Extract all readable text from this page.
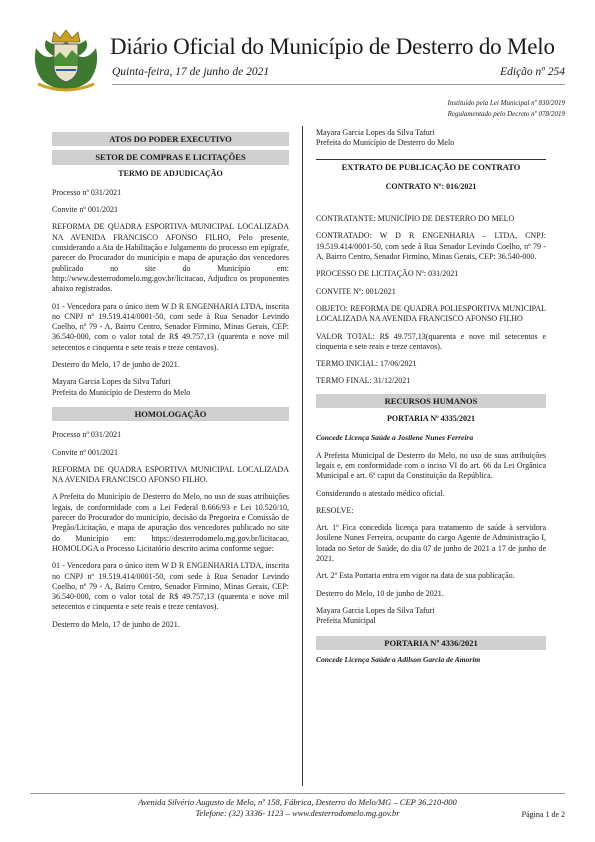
Diário Oficial do Município de Desterro do Melo
Quinta-feira, 17 de junho de 2021	Edição nº 254
Instituído pela Lei Municipal nº 830/2019
Regulamentado pelo Decreto nº 078/2019
ATOS DO PODER EXECUTIVO
SETOR DE COMPRAS E LICITAÇÕES
TERMO DE ADJUDICAÇÃO

Processo nº 031/2021

Convite nº 001/2021

REFORMA DE QUADRA ESPORTIVA MUNICIPAL LOCALIZADA NA AVENIDA FRANCISCO AFONSO FILHO, Pelo presente, considerando a Ata de Habilitação e Julgamento do processo em epígrafe, parecer do Procurador do município e mapa de apuração dos vencedores publicado no site do Município em: http://www.desterrodomelo.mg.gov.br/licitacao, Adjudico os proponentes abaixo registrados.

01 - Vencedora para o único item W D R ENGENHARIA LTDA, inscrita no CNPJ nº 19.519.414/0001-50, com sede à Rua Senador Levindo Coelho, nº 79 - A, Bairro Centro, Senador Firmino, Minas Gerais, CEP: 36.540-000, com o valor total de R$ 49.757,13 (quarenta e nove mil setecentos e cinquenta e sete reais e treze centavos).

Desterro do Melo, 17 de junho de 2021.

Mayara Garcia Lopes da Silva Tafuri
Prefeita do Município de Desterro do Melo
HOMOLOGAÇÃO

Processo nº 031/2021

Convite nº 001/2021

REFORMA DE QUADRA ESPORTIVA MUNICIPAL LOCALIZADA NA AVENIDA FRANCISCO AFONSO FILHO.

A Prefeita do Município de Desterro do Melo, no uso de suas atribuições legais, de conformidade com a Lei Federal 8.666/93 e Lei 10.520/10, parecer do Procurador do município, decisão da Pregoeira e Comissão de Pregão/Licitação, e mapa de apuração dos vencedores publicado no site do Município em: https://desterrodomelo.mg.gov.br/licitacao, HOMOLOGA o Processo Licitatório descrito acima conforme segue:

01 - Vencedora para o único item W D R ENGENHARIA LTDA, inscrita no CNPJ nº 19.519.414/0001-50, com sede à Rua Senador Levindo Coelho, nº 79 - A, Bairro Centro, Senador Firmino, Minas Gerais, CEP: 36.540-000, com o valor total de R$ 49.757,13 (quarenta e nove mil setecentos e cinquenta e sete reais e treze centavos).

Desterro do Melo, 17 de junho de 2021.

Mayara Garcia Lopes da Silva Tafuri
Prefeita do Município de Desterro do Melo
EXTRATO DE PUBLICAÇÃO DE CONTRATO
CONTRATO Nº: 016/2021

CONTRATANTE: MUNICÍPIO DE DESTERRO DO MELO

CONTRATADO: W D R ENGENHARIA – LTDA, CNPJ: 19.519.414/0001-50, com sede à Rua Senador Levindo Coelho, nº 79 - A, Bairro Centro, Senador Firmino, Minas Gerais, CEP: 36.540-000.

PROCESSO DE LICITAÇÃO Nº: 031/2021

CONVITE Nº: 001/2021

OBJETO: REFORMA DE QUADRA POLIESPORTIVA MUNICIPAL LOCALIZADA NA AVENIDA FRANCISCO AFONSO FILHO

VALOR TOTAL: R$ 49.757,13(quarenta e nove mil setecentos e cinquenta e sete reais e treze centavos).

TERMO INICIAL: 17/06/2021

TERMO FINAL: 31/12/2021

RECURSOS HUMANOS
PORTARIA Nº 4335/2021

Concede Licença Saúde a Josilene Nunes Ferreira

A Prefeita Municipal de Desterro do Melo, no uso de suas atribuições legais e, em conformidade com o inciso VI do art. 66 da Lei Orgânica Municipal e art. 6º caput da Constituição da República.

Considerando o atestado médico oficial.

RESOLVE:

Art. 1º Fica concedida licença para tratamento de saúde à servidora Josilene Nunes Ferreira, ocupante do cargo Agente de Administração I, lotada no Setor de Saúde, do dia 07 de junho de 2021 a 17 de junho de 2021.

Art. 2º Esta Portaria entra em vigor na data de sua publicação.

Desterro do Melo, 10 de junho de 2021.

Mayara Garcia Lopes da Silva Tafuri
Prefeita Municipal
PORTARIA Nº 4336/2021

Concede Licença Saúde a Adilson Garcia de Amorim

Avenida Silvério Augusto de Melo, nº 158, Fábrica, Desterro do Melo/MG – CEP 36.210-000
Telefone: (32) 3336- 1123 – www.desterrodomelo.mg.gov.br	Página 1 de 2
